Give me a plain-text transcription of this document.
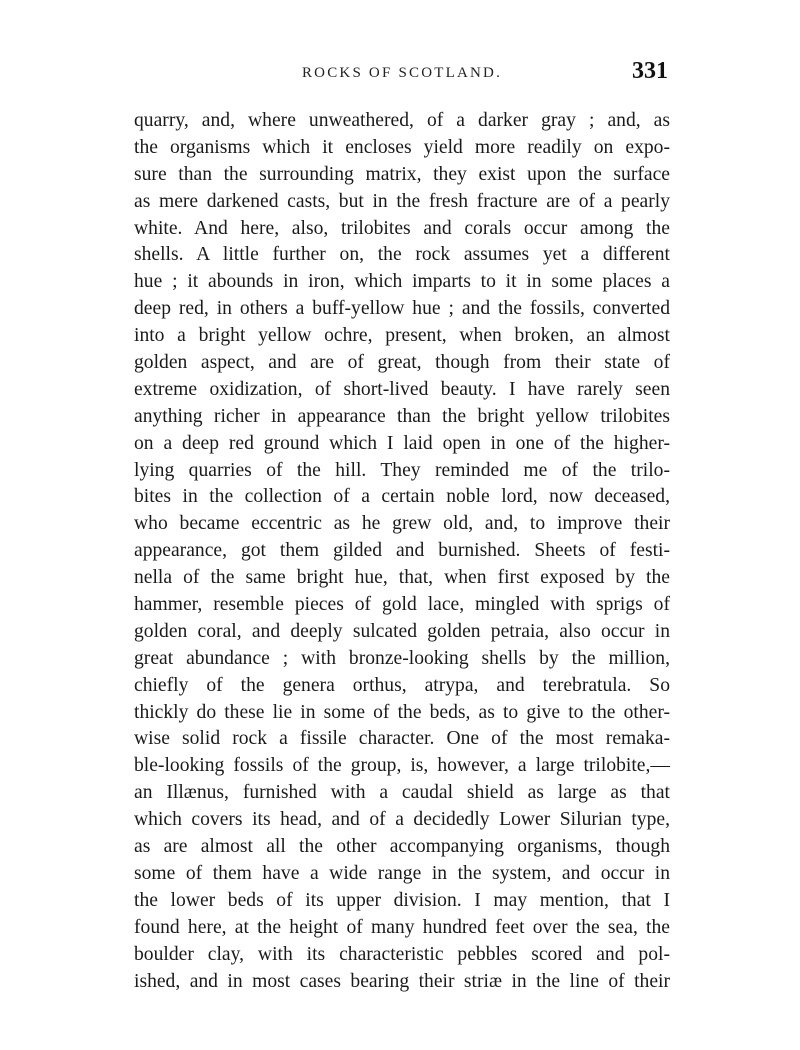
ROCKS OF SCOTLAND.	331
quarry, and, where unweathered, of a darker gray ; and, as
the organisms which it encloses yield more readily on expo-
sure than the surrounding matrix, they exist upon the surface
as mere darkened casts, but in the fresh fracture are of a pearly
white. And here, also, trilobites and corals occur among the
shells. A little further on, the rock assumes yet a different
hue ; it abounds in iron, which imparts to it in some places a
deep red, in others a buff-yellow hue ; and the fossils, converted
into a bright yellow ochre, present, when broken, an almost
golden aspect, and are of great, though from their state of
extreme oxidization, of short-lived beauty. I have rarely seen
anything richer in appearance than the bright yellow trilobites
on a deep red ground which I laid open in one of the higher-
lying quarries of the hill. They reminded me of the trilo-
bites in the collection of a certain noble lord, now deceased,
who became eccentric as he grew old, and, to improve their
appearance, got them gilded and burnished. Sheets of festi-
nella of the same bright hue, that, when first exposed by the
hammer, resemble pieces of gold lace, mingled with sprigs of
golden coral, and deeply sulcated golden petraia, also occur in
great abundance ; with bronze-looking shells by the million,
chiefly of the genera orthus, atrypa, and terebratula. So
thickly do these lie in some of the beds, as to give to the other-
wise solid rock a fissile character. One of the most remaka-
ble-looking fossils of the group, is, however, a large trilobite,—
an Illænus, furnished with a caudal shield as large as that
which covers its head, and of a decidedly Lower Silurian type,
as are almost all the other accompanying organisms, though
some of them have a wide range in the system, and occur in
the lower beds of its upper division. I may mention, that I
found here, at the height of many hundred feet over the sea, the
boulder clay, with its characteristic pebbles scored and pol-
ished, and in most cases bearing their striæ in the line of their
